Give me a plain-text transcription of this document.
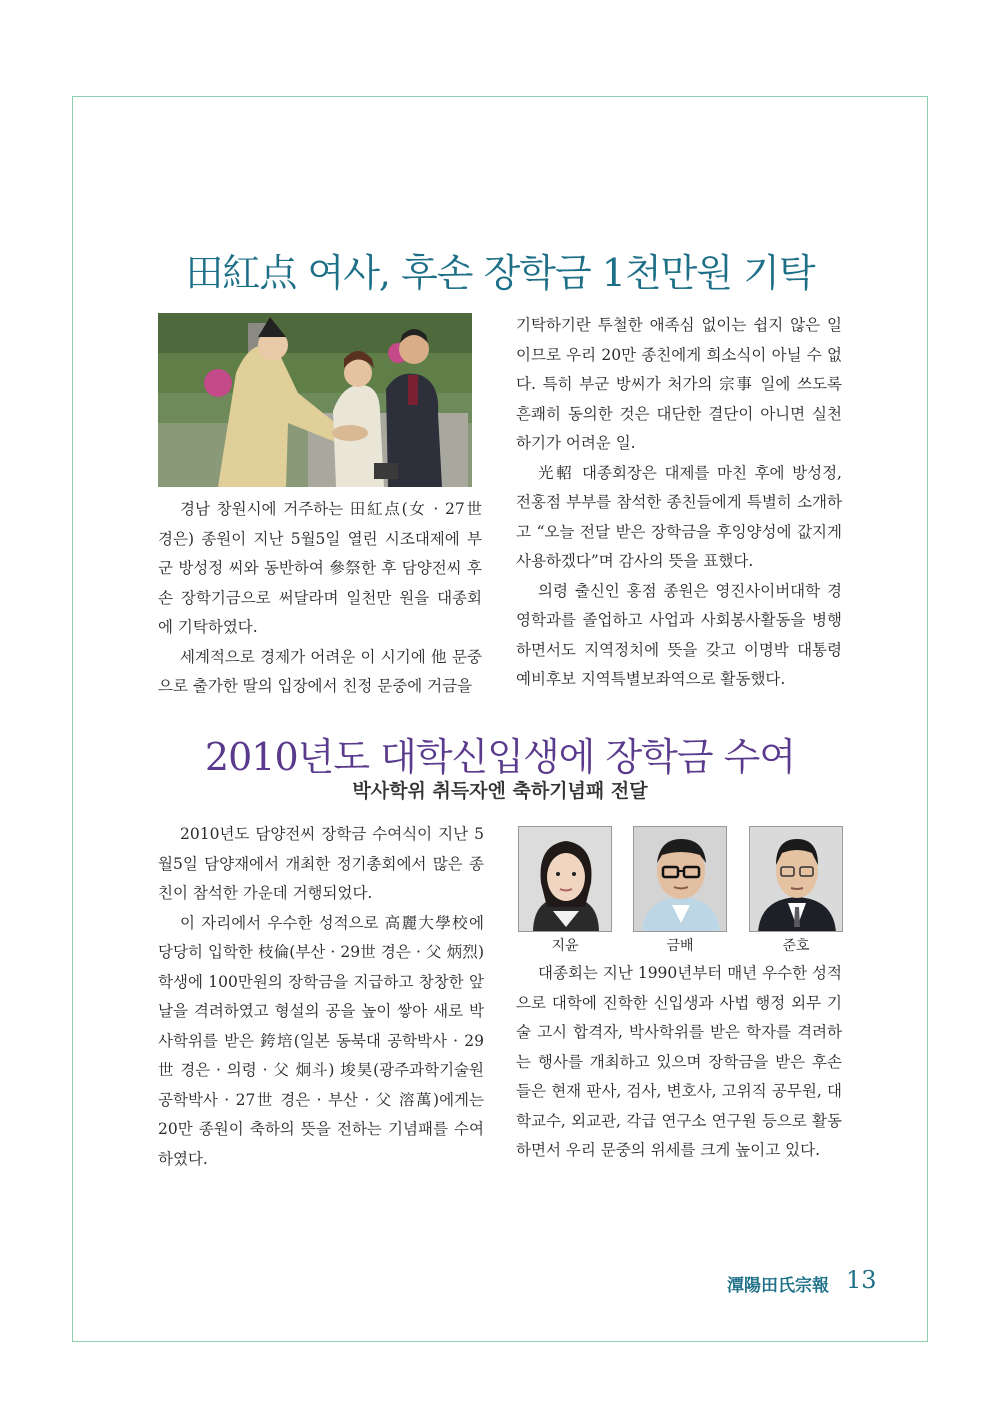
田紅点 여사, 후손 장학금 1천만원 기탁

경남 창원시에 거주하는 田紅点(女 · 27世 경은) 종원이 지난 5월5일 열린 시조대제에 부군 방성정 씨와 동반하여 參祭한 후 담양전씨 후손 장학기금으로 써달라며 일천만 원을 대종회에 기탁하였다.

세계적으로 경제가 어려운 이 시기에 他 문중으로 출가한 딸의 입장에서 친정 문중에 거금을

기탁하기란 투철한 애족심 없이는 쉽지 않은 일이므로 우리 20만 종친에게 희소식이 아닐 수 없다. 특히 부군 방씨가 처가의 宗事 일에 쓰도록 흔쾌히 동의한 것은 대단한 결단이 아니면 실천하기가 어려운 일.

光軺 대종회장은 대제를 마친 후에 방성정, 전홍점 부부를 참석한 종친들에게 특별히 소개하고 “오늘 전달 받은 장학금을 후잉양성에 값지게 사용하겠다”며 감사의 뜻을 표했다.

의령 출신인 홍점 종원은 영진사이버대학 경영학과를 졸업하고 사업과 사회봉사활동을 병행하면서도 지역정치에 뜻을 갖고 이명박 대통령 예비후보 지역특별보좌역으로 활동했다.

2010년도 대학신입생에 장학금 수여
박사학위 취득자엔 축하기념패 전달

2010년도 담양전씨 장학금 수여식이 지난 5월5일 담양재에서 개최한 정기총회에서 많은 종친이 참석한 가운데 거행되었다.

이 자리에서 우수한 성적으로 高麗大學校에 당당히 입학한 枝倫(부산 · 29世 경은 · 父 炳烈)학생에 100만원의 장학금을 지급하고 창창한 앞날을 격려하였고 형설의 공을 높이 쌓아 새로 박사학위를 받은 銙培(일본 동북대 공학박사 · 29世 경은 · 의령 · 父 炯斗) 埈昊(광주과학기술원 공학박사 · 27世 경은 · 부산 · 父 溶萬)에게는 20만 종원이 축하의 뜻을 전하는 기념패를 수여하였다.

지윤	금배	준호

대종회는 지난 1990년부터 매년 우수한 성적으로 대학에 진학한 신입생과 사법 행정 외무 기술 고시 합격자, 박사학위를 받은 학자를 격려하는 행사를 개최하고 있으며 장학금을 받은 후손들은 현재 판사, 검사, 변호사, 고위직 공무원, 대학교수, 외교관, 각급 연구소 연구원 등으로 활동하면서 우리 문중의 위세를 크게 높이고 있다.

潭陽田氏宗報 13
